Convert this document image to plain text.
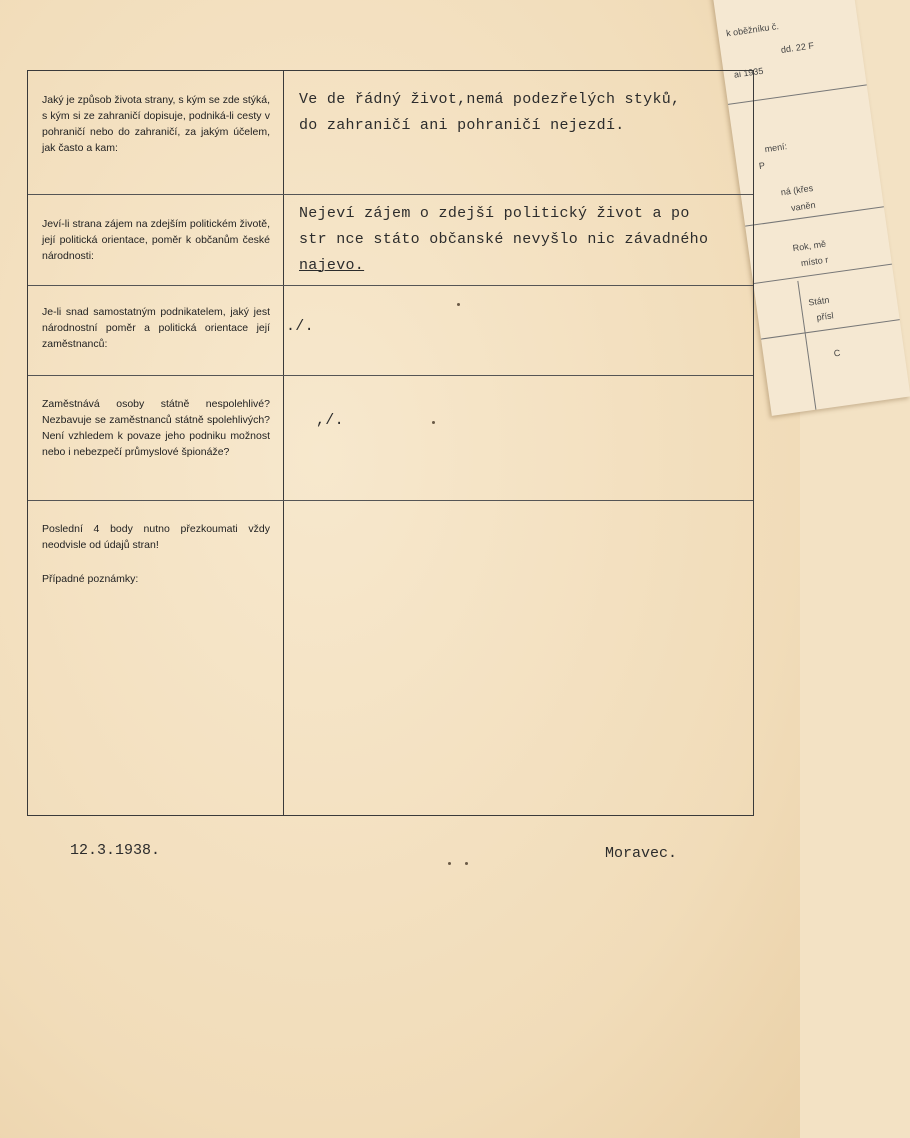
k oběžníku č.
ai 1935
dd. 22 F
mení:
P
ná (křes
vaněn
Rok, mě
místo r
Státn
přísl
C
Jaký je způsob života strany, s kým se zde stýká, s kým si ze zahraničí dopisuje, podniká-li cesty v pohraničí nebo do zahraničí, za jakým účelem, jak často a kam:
Ve de řádný život,nemá podezřelých styků,
do zahraničí ani pohraničí nejezdí.
Jeví-li strana zájem na zdejším politickém životě, její politická orientace, poměr k občanům české národnosti:
Nejeví zájem o zdejší politický život a po
str nce státo občanské nevyšlo nic závadného
najevo.
Je-li snad samostatným podnikatelem, jaký jest národnostní poměr a politická orientace její zaměstnanců:
./.
Zaměstnává osoby státně nespolehlivé? Nezbavuje se zaměstnanců státně spolehlivých? Není vzhledem k povaze jeho podniku možnost nebo i nebezpečí průmyslové špionáže?
,/.
Poslední 4 body nutno přezkoumati vždy neodvisle od údajů stran!
Případné poznámky:
12.3.1938.	Moravec.
